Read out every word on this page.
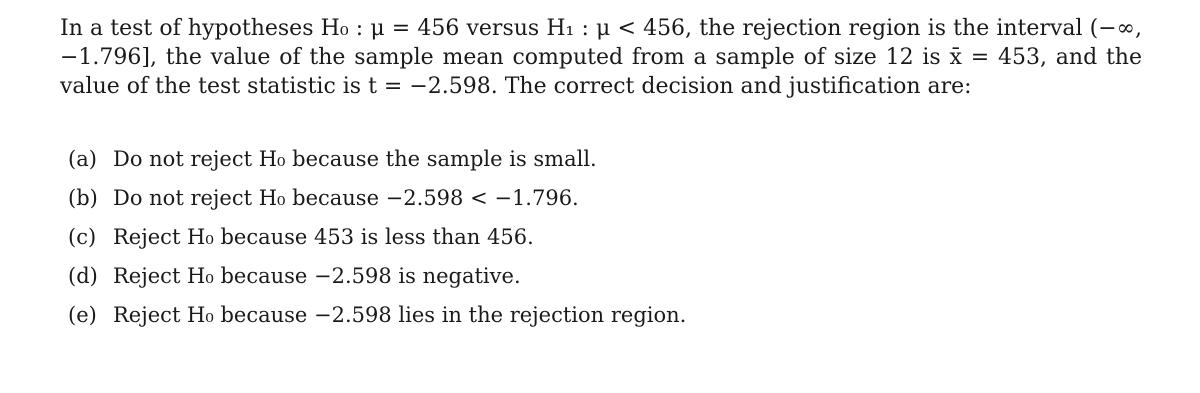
In a test of hypotheses H₀ : μ = 456 versus H₁ : μ < 456, the rejection region is the interval (−∞, −1.796], the value of the sample mean computed from a sample of size 12 is x̄ = 453, and the value of the test statistic is t = −2.598. The correct decision and justification are:
(a) Do not reject H₀ because the sample is small.
(b) Do not reject H₀ because −2.598 < −1.796.
(c) Reject H₀ because 453 is less than 456.
(d) Reject H₀ because −2.598 is negative.
(e) Reject H₀ because −2.598 lies in the rejection region.
